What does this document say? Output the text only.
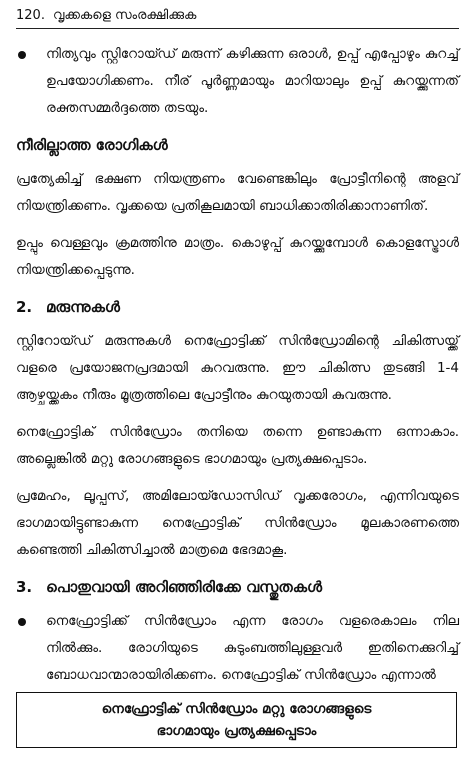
120. വൃക്കകളെ സംരക്ഷിക്കുക

നിത്യവും സ്റ്റിറോയ്ഡ് മരുന്ന് കഴിക്കുന്ന ഒരാൾ, ഉപ്പ് എപ്പോഴും കുറച്ച് ഉപയോഗിക്കണം. നീര് പൂർണ്ണമായും മാറിയാലും ഉപ്പ് കുറയ്ക്കുന്നത് രക്തസമ്മർദ്ദത്തെ തടയും.

നീരില്ലാത്ത രോഗികൾ

പ്രത്യേകിച്ച് ഭക്ഷണ നിയന്ത്രണം വേണ്ടെങ്കിലും പ്രോട്ടീനിന്റെ അളവ് നിയന്ത്രിക്കണം. വൃക്കയെ പ്രതികൂലമായി ബാധിക്കാതിരിക്കാനാണിത്.

ഉപ്പും വെള്ളവും ക്രമത്തിനു മാത്രം. കൊഴുപ്പ് കുറയ്ക്കുമ്പോൾ കൊളസ്ട്രോൾ നിയന്ത്രിക്കപ്പെടുന്നു.

2. മരുന്നുകൾ

സ്റ്റിറോയ്ഡ് മരുന്നുകൾ നെഫ്രോട്ടിക്ക് സിൻഡ്രോമിന്റെ ചികിത്സയ്ക്ക് വളരെ പ്രയോജനപ്രദമായി കുറവരുന്നു. ഈ ചികിത്സ തുടങ്ങി 1-4 ആഴ്ചയ്ക്കകം നീരും മൂത്രത്തിലെ പ്രോട്ടീനും കുറയുതായി കുവരുന്നു.

നെഫ്രോട്ടിക് സിൻഡ്രോം തനിയെ തന്നെ ഉണ്ടാകുന്ന ഒന്നാകാം. അല്ലെങ്കിൽ മറ്റു രോഗങ്ങളുടെ ഭാഗമായും പ്രത്യക്ഷപ്പെടാം.

പ്രമേഹം, ലൂപ്പസ്, അമിലോയ്ഡോസിഡ് വൃക്കരോഗം, എന്നിവയുടെ ഭാഗമായിട്ടുണ്ടാകുന്ന നെഫ്രോട്ടിക് സിൻഡ്രോം മൂലകാരണത്തെ കണ്ടെത്തി ചികിത്സിച്ചാൽ മാത്രമെ ഭേദമാകൂ.

3. പൊതുവായി അറിഞ്ഞിരിക്കേ വസ്തുതകൾ

നെഫ്രോട്ടിക്ക് സിൻഡ്രോം എന്ന രോഗം വളരെകാലം നില നിൽക്കും. രോഗിയുടെ കുടുംബത്തിലുള്ളവർ ഇതിനെക്കുറിച്ച് ബോധവാന്മാരായിരിക്കണം. നെഫ്രോട്ടിക് സിൻഡ്രോം എന്നാൽ

നെഫ്രോട്ടിക് സിൻഡ്രോം മറ്റു രോഗങ്ങളുടെ
ഭാഗമായും പ്രത്യക്ഷപ്പെടാം
